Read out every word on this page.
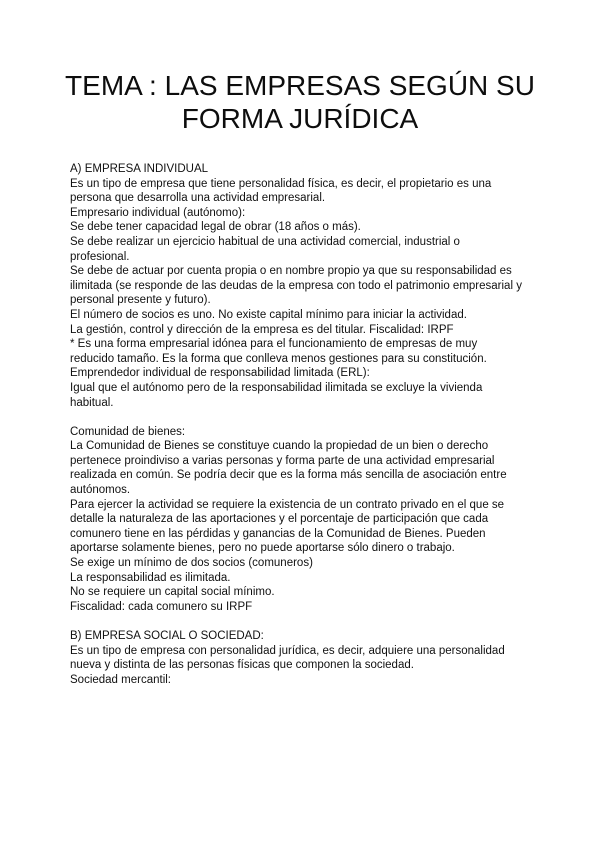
TEMA : LAS EMPRESAS SEGÚN SU
FORMA JURÍDICA
A) EMPRESA INDIVIDUAL
Es un tipo de empresa que tiene personalidad física, es decir, el propietario es una
persona que desarrolla una actividad empresarial.
Empresario individual (autónomo):
Se debe tener capacidad legal de obrar (18 años o más).
Se debe realizar un ejercicio habitual de una actividad comercial, industrial o
profesional.
Se debe de actuar por cuenta propia o en nombre propio ya que su responsabilidad es
ilimitada (se responde de las deudas de la empresa con todo el patrimonio empresarial y
personal presente y futuro).
El número de socios es uno. No existe capital mínimo para iniciar la actividad.
La gestión, control y dirección de la empresa es del titular. Fiscalidad: IRPF
* Es una forma empresarial idónea para el funcionamiento de empresas de muy
reducido tamaño. Es la forma que conlleva menos gestiones para su constitución.
Emprendedor individual de responsabilidad limitada (ERL):
Igual que el autónomo pero de la responsabilidad ilimitada se excluye la vivienda
habitual.
Comunidad de bienes:
La Comunidad de Bienes se constituye cuando la propiedad de un bien o derecho
pertenece proindiviso a varias personas y forma parte de una actividad empresarial
realizada en común. Se podría decir que es la forma más sencilla de asociación entre
autónomos.
Para ejercer la actividad se requiere la existencia de un contrato privado en el que se
detalle la naturaleza de las aportaciones y el porcentaje de participación que cada
comunero tiene en las pérdidas y ganancias de la Comunidad de Bienes. Pueden
aportarse solamente bienes, pero no puede aportarse sólo dinero o trabajo.
Se exige un mínimo de dos socios (comuneros)
La responsabilidad es ilimitada.
No se requiere un capital social mínimo.
Fiscalidad: cada comunero su IRPF
B) EMPRESA SOCIAL O SOCIEDAD:
Es un tipo de empresa con personalidad jurídica, es decir, adquiere una personalidad
nueva y distinta de las personas físicas que componen la sociedad.
Sociedad mercantil:
